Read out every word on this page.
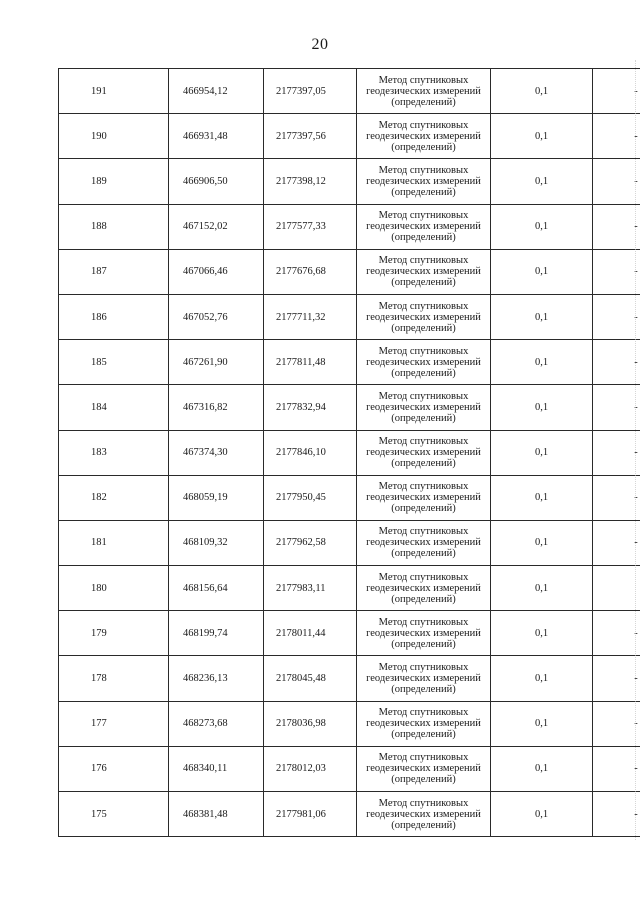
20
191	466954,12	2177397,05	Метод спутниковых
геодезических измерений
(определений)	0,1	-
190	466931,48	2177397,56	Метод спутниковых
геодезических измерений
(определений)	0,1	-
189	466906,50	2177398,12	Метод спутниковых
геодезических измерений
(определений)	0,1	-
188	467152,02	2177577,33	Метод спутниковых
геодезических измерений
(определений)	0,1	-
187	467066,46	2177676,68	Метод спутниковых
геодезических измерений
(определений)	0,1	-
186	467052,76	2177711,32	Метод спутниковых
геодезических измерений
(определений)	0,1	-
185	467261,90	2177811,48	Метод спутниковых
геодезических измерений
(определений)	0,1	-
184	467316,82	2177832,94	Метод спутниковых
геодезических измерений
(определений)	0,1	-
183	467374,30	2177846,10	Метод спутниковых
геодезических измерений
(определений)	0,1	-
182	468059,19	2177950,45	Метод спутниковых
геодезических измерений
(определений)	0,1	-
181	468109,32	2177962,58	Метод спутниковых
геодезических измерений
(определений)	0,1	-
180	468156,64	2177983,11	Метод спутниковых
геодезических измерений
(определений)	0,1	
179	468199,74	2178011,44	Метод спутниковых
геодезических измерений
(определений)	0,1	-
178	468236,13	2178045,48	Метод спутниковых
геодезических измерений
(определений)	0,1	-
177	468273,68	2178036,98	Метод спутниковых
геодезических измерений
(определений)	0,1	-
176	468340,11	2178012,03	Метод спутниковых
геодезических измерений
(определений)	0,1	-
175	468381,48	2177981,06	Метод спутниковых
геодезических измерений
(определений)	0,1	-
